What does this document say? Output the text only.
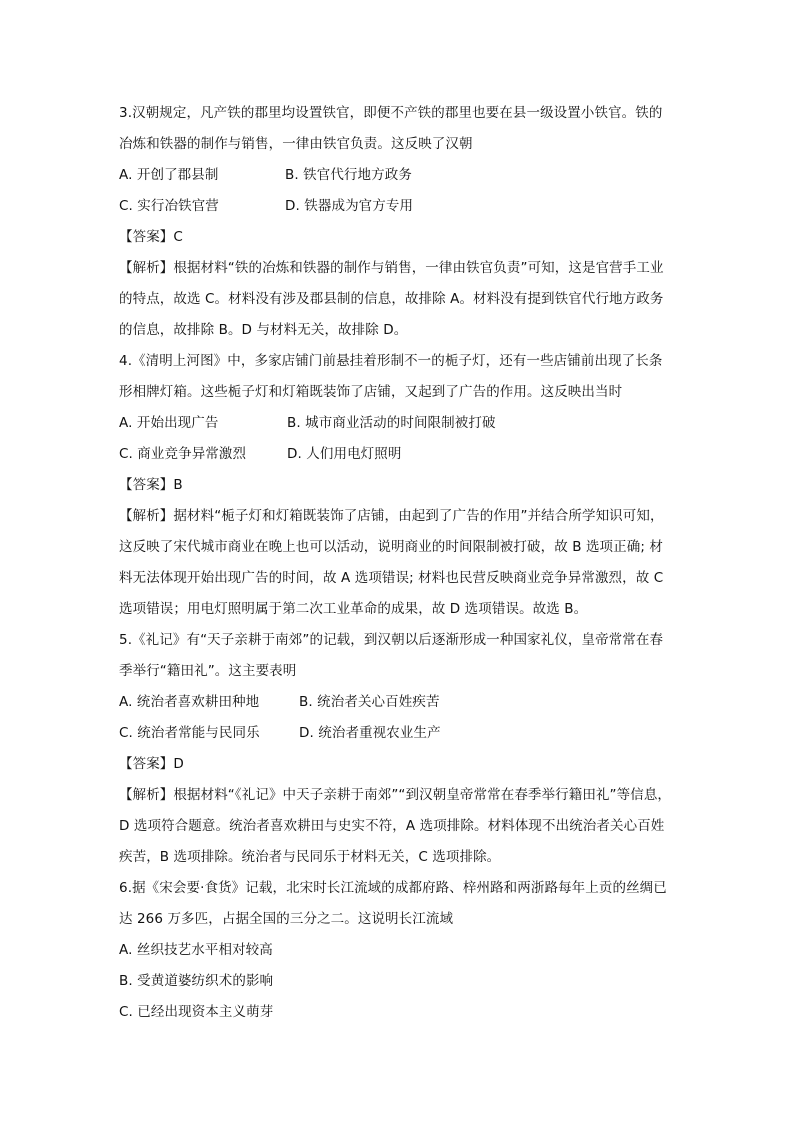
3.汉朝规定，凡产铁的郡里均设置铁官，即便不产铁的郡里也要在县一级设置小铁官。铁的
冶炼和铁器的制作与销售，一律由铁官负责。这反映了汉朝
A. 开创了郡县制	B. 铁官代行地方政务
C. 实行冶铁官营	D. 铁器成为官方专用
【答案】C
【解析】根据材料“铁的冶炼和铁器的制作与销售，一律由铁官负责”可知，这是官营手工业
的特点，故选 C。材料没有涉及郡县制的信息，故排除 A。材料没有提到铁官代行地方政务
的信息，故排除 B。D 与材料无关，故排除 D。
4.《清明上河图》中，多家店铺门前悬挂着形制不一的栀子灯，还有一些店铺前出现了长条
形相牌灯箱。这些栀子灯和灯箱既装饰了店铺，又起到了广告的作用。这反映出当时
A. 开始出现广告	B. 城市商业活动的时间限制被打破
C. 商业竞争异常激烈	D. 人们用电灯照明
【答案】B
【解析】据材料“栀子灯和灯箱既装饰了店铺，由起到了广告的作用”并结合所学知识可知，
这反映了宋代城市商业在晚上也可以活动，说明商业的时间限制被打破，故 B 选项正确; 材
料无法体现开始出现广告的时间，故 A 选项错误; 材料也民营反映商业竞争异常激烈，故 C
选项错误；用电灯照明属于第二次工业革命的成果，故 D 选项错误。故选 B。
5.《礼记》有“天子亲耕于南郊”的记载，到汉朝以后逐渐形成一种国家礼仪，皇帝常常在春
季举行“籍田礼”。这主要表明
A. 统治者喜欢耕田种地	B. 统治者关心百姓疾苦
C. 统治者常能与民同乐	D. 统治者重视农业生产
【答案】D
【解析】根据材料“《礼记》中天子亲耕于南郊”“到汉朝皇帝常常在春季举行籍田礼”等信息，
D 选项符合题意。统治者喜欢耕田与史实不符，A 选项排除。材料体现不出统治者关心百姓
疾苦，B 选项排除。统治者与民同乐于材料无关，C 选项排除。
6.据《宋会要·食货》记载，北宋时长江流域的成都府路、梓州路和两浙路每年上贡的丝绸已
达 266 万多匹，占据全国的三分之二。这说明长江流域
A. 丝织技艺水平相对较高
B. 受黄道婆纺织术的影响
C. 已经出现资本主义萌芽
